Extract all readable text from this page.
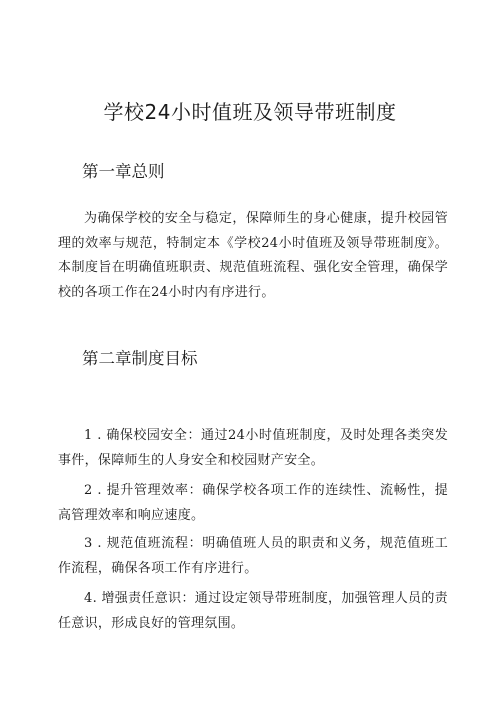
学校24小时值班及领导带班制度
第一章总则

为确保学校的安全与稳定，保障师生的身心健康，提升校园管理的效率与规范，特制定本《学校24小时值班及领导带班制度》。本制度旨在明确值班职责、规范值班流程、强化安全管理，确保学校的各项工作在24小时内有序进行。

第二章制度目标

1 . 确保校园安全：通过24小时值班制度，及时处理各类突发事件，保障师生的人身安全和校园财产安全。

2 . 提升管理效率：确保学校各项工作的连续性、流畅性，提高管理效率和响应速度。

3 . 规范值班流程：明确值班人员的职责和义务，规范值班工作流程，确保各项工作有序进行。

4. 增强责任意识：通过设定领导带班制度，加强管理人员的责任意识，形成良好的管理氛围。
